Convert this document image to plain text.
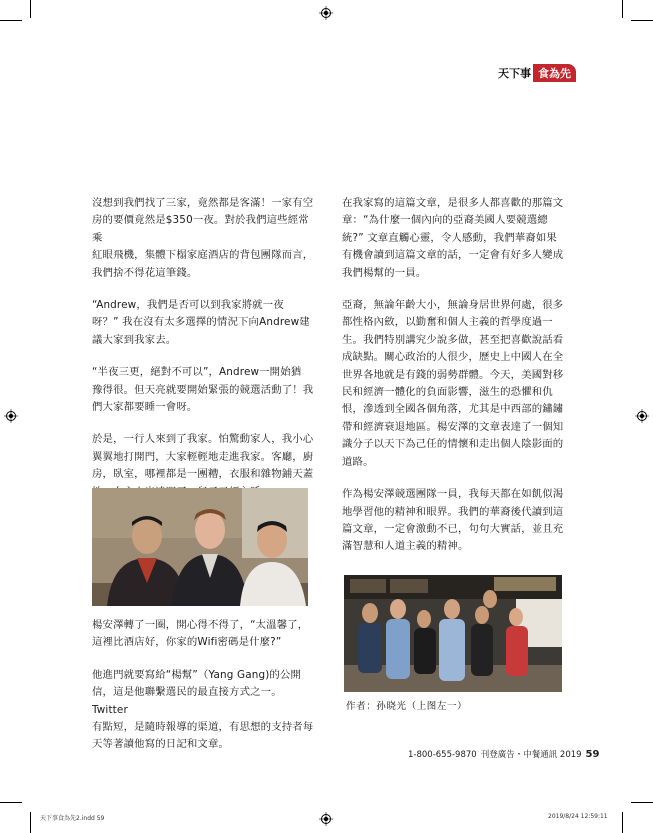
天下事 食為先

沒想到我們找了三家，竟然都是客滿！一家有空
房的要價竟然是$350一夜。對於我們這些經常乘
紅眼飛機，集體下榻家庭酒店的背包團隊而言，
我們捨不得花這筆錢。

“Andrew，我們是否可以到我家將就一夜
呀？” 我在沒有太多選擇的情況下向Andrew建
議大家到我家去。

“半夜三更，絕對不可以”，Andrew一開始猶
豫得很。但天亮就要開始緊張的競選活動了！我
們大家都要睡一會呀。

於是，一行人來到了我家。怕驚動家人，我小心
翼翼地打開門，大家輕輕地走進我家。客廳，廚
房，臥室，哪裡都是一團糟，衣服和雜物鋪天蓋

楊安澤轉了一圈，開心得不得了，“太溫馨了，
這裡比酒店好，你家的Wifi密碼是什麼?”

他進門就要寫給“楊幫”（Yang Gang)的公開
信，這是他聯繫選民的最直接方式之一。Twitter
有點短，是隨時報導的渠道，有思想的支持者每
天等著讀他寫的日記和文章。

在我家寫的這篇文章，是很多人都喜歡的那篇文
章：“為什麼一個內向的亞裔美國人要競選總
統?” 文章直觸心靈，令人感動，我們華裔如果
有機會讀到這篇文章的話，一定會有好多人變成
我們楊幫的一員。

亞裔，無論年齡大小，無論身居世界何處，很多
都性格內斂，以勤奮和個人主義的哲學度過一
生。我們特別講究少說多做，甚至把喜歡說話看
成缺點。關心政治的人很少，歷史上中國人在全
世界各地就是有錢的弱勢群體。今天，美國對移
民和經濟一體化的負面影響，滋生的恐懼和仇
恨，滲透到全國各個角落，尤其是中西部的鏽鏽
帶和經濟衰退地區。楊安澤的文章表達了一個知
識分子以天下為己任的情懷和走出個人陰影面的
道路。

作為楊安澤競選團隊一員，我每天都在如飢似渴
地學習他的精神和眼界。我們的華裔後代讀到這
篇文章，一定會激動不已，句句大實話，並且充
滿智慧和人道主義的精神。

作者：孙晓光（上图左一）
1-800-655-9870 刊登廣告・中餐通訊 2019 59
天下事食為先2.indd 59	2019/8/24 12:59:11
